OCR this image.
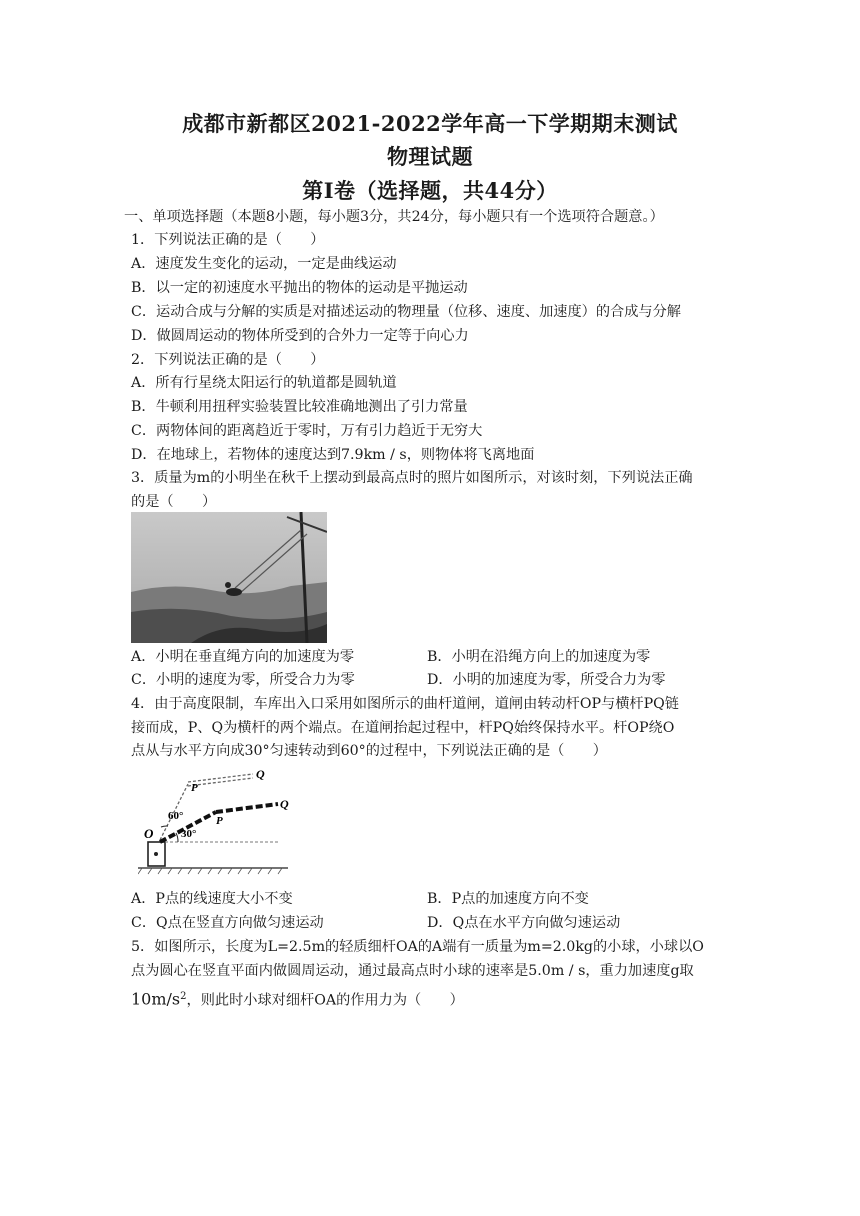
成都市新都区2021-2022学年高一下学期期末测试
物理试题
第I卷（选择题，共44分）
一、单项选择题（本题8小题，每小题3分，共24分，每小题只有一个选项符合题意。）
1．下列说法正确的是（　　）
A．速度发生变化的运动，一定是曲线运动
B．以一定的初速度水平抛出的物体的运动是平抛运动
C．运动合成与分解的实质是对描述运动的物理量（位移、速度、加速度）的合成与分解
D．做圆周运动的物体所受到的合外力一定等于向心力
2．下列说法正确的是（　　）
A．所有行星绕太阳运行的轨道都是圆轨道
B．牛顿利用扭秤实验装置比较准确地测出了引力常量
C．两物体间的距离趋近于零时，万有引力趋近于无穷大
D．在地球上，若物体的速度达到7.9km / s，则物体将飞离地面
3．质量为m的小明坐在秋千上摆动到最高点时的照片如图所示，对该时刻，下列说法正确
的是（　　）
A．小明在垂直绳方向的加速度为零	B．小明在沿绳方向上的加速度为零
C．小明的速度为零，所受合力为零	D．小明的加速度为零，所受合力为零
4．由于高度限制，车库出入口采用如图所示的曲杆道闸，道闸由转动杆OP与横杆PQ链
接而成，P、Q为横杆的两个端点。在道闸抬起过程中，杆PQ始终保持水平。杆OP绕O
点从与水平方向成30°匀速转动到60°的过程中，下列说法正确的是（　　）
O
P
P
Q
Q
60°
30°
A．P点的线速度大小不变	B．P点的加速度方向不变
C．Q点在竖直方向做匀速运动	D．Q点在水平方向做匀速运动
5．如图所示，长度为L=2.5m的轻质细杆OA的A端有一质量为m=2.0kg的小球，小球以O
点为圆心在竖直平面内做圆周运动，通过最高点时小球的速率是5.0m / s，重力加速度g取
$10m/s^2$，则此时小球对细杆OA的作用力为（　　）
